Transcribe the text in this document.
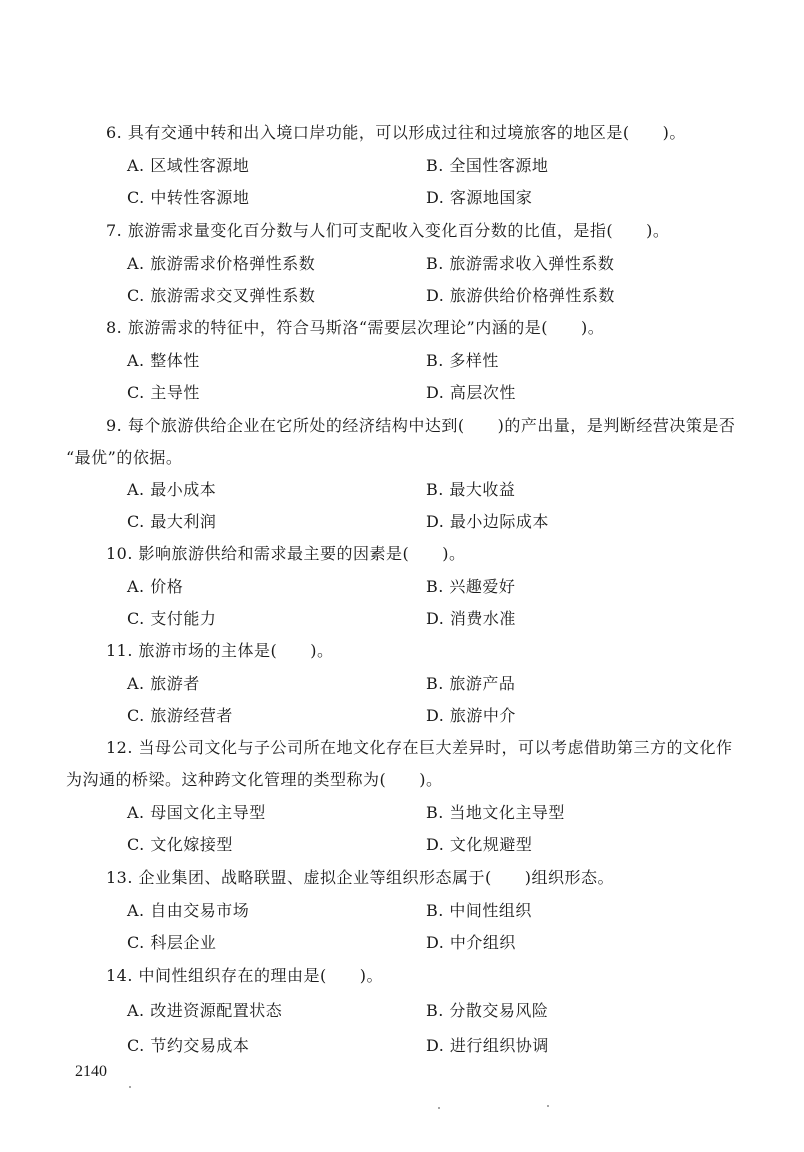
6. 具有交通中转和出入境口岸功能，可以形成过往和过境旅客的地区是(　　)。
A. 区域性客源地	B. 全国性客源地
C. 中转性客源地	D. 客源地国家
7. 旅游需求量变化百分数与人们可支配收入变化百分数的比值，是指(　　)。
A. 旅游需求价格弹性系数	B. 旅游需求收入弹性系数
C. 旅游需求交叉弹性系数	D. 旅游供给价格弹性系数
8. 旅游需求的特征中，符合马斯洛“需要层次理论”内涵的是(　　)。
A. 整体性	B. 多样性
C. 主导性	D. 高层次性
9. 每个旅游供给企业在它所处的经济结构中达到(　　)的产出量，是判断经营决策是否
“最优”的依据。
A. 最小成本	B. 最大收益
C. 最大利润	D. 最小边际成本
10. 影响旅游供给和需求最主要的因素是(　　)。
A. 价格	B. 兴趣爱好
C. 支付能力	D. 消费水准
11. 旅游市场的主体是(　　)。
A. 旅游者	B. 旅游产品
C. 旅游经营者	D. 旅游中介
12. 当母公司文化与子公司所在地文化存在巨大差异时，可以考虑借助第三方的文化作
为沟通的桥梁。这种跨文化管理的类型称为(　　)。
A. 母国文化主导型	B. 当地文化主导型
C. 文化嫁接型	D. 文化规避型
13. 企业集团、战略联盟、虚拟企业等组织形态属于(　　)组织形态。
A. 自由交易市场	B. 中间性组织
C. 科层企业	D. 中介组织
14. 中间性组织存在的理由是(　　)。
A. 改进资源配置状态	B. 分散交易风险
C. 节约交易成本	D. 进行组织协调
2140
